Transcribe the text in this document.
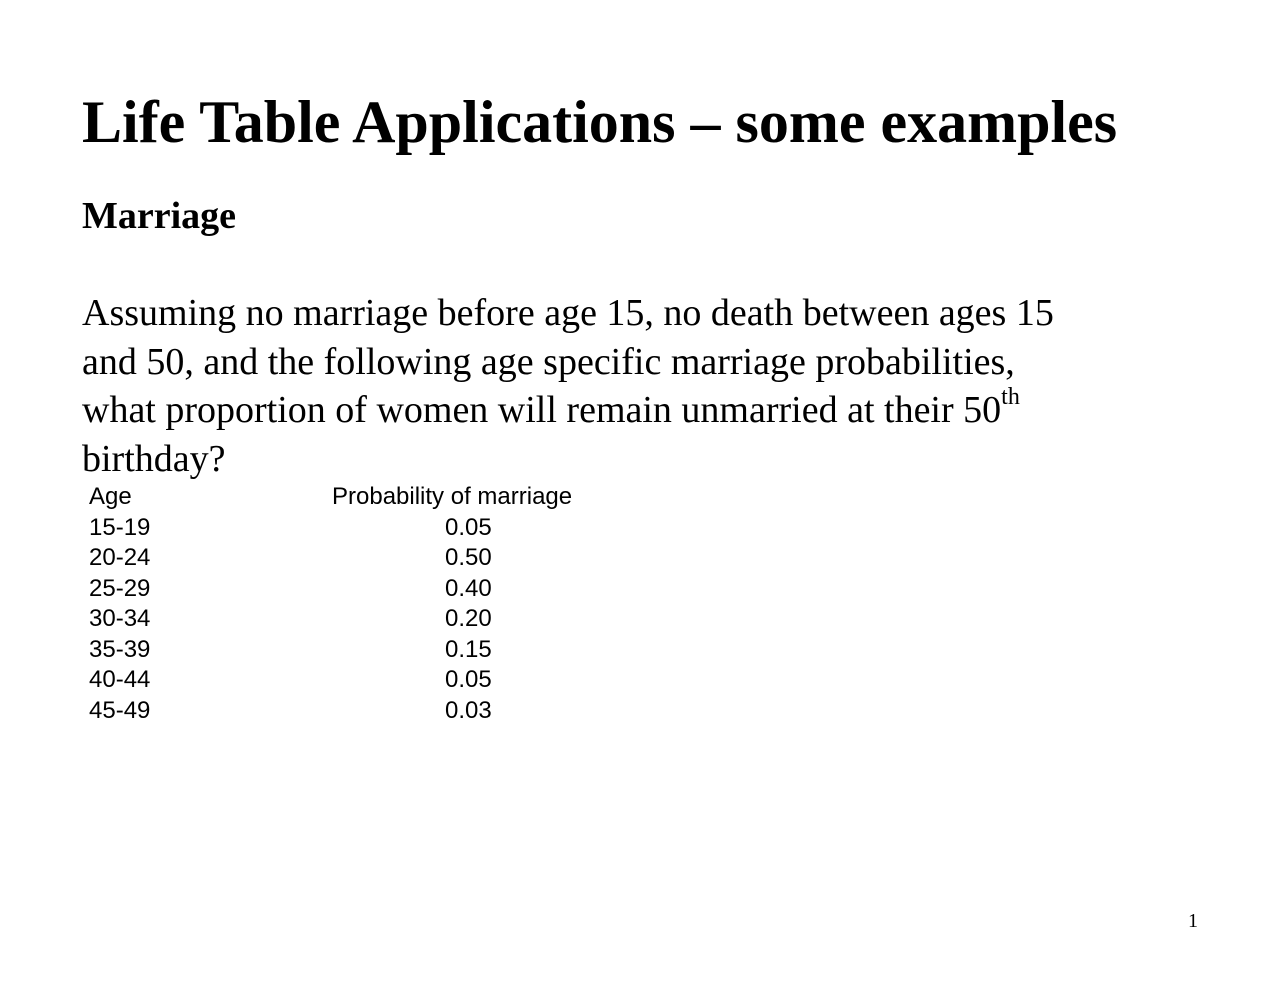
Life Table Applications – some examples
Marriage
Assuming no marriage before age 15, no death between ages 15
and 50, and the following age specific marriage probabilities,
what proportion of women will remain unmarried at their 50th
birthday?
Age	Probability of marriage
15-19	0.05
20-24	0.50
25-29	0.40
30-34	0.20
35-39	0.15
40-44	0.05
45-49	0.03
1
